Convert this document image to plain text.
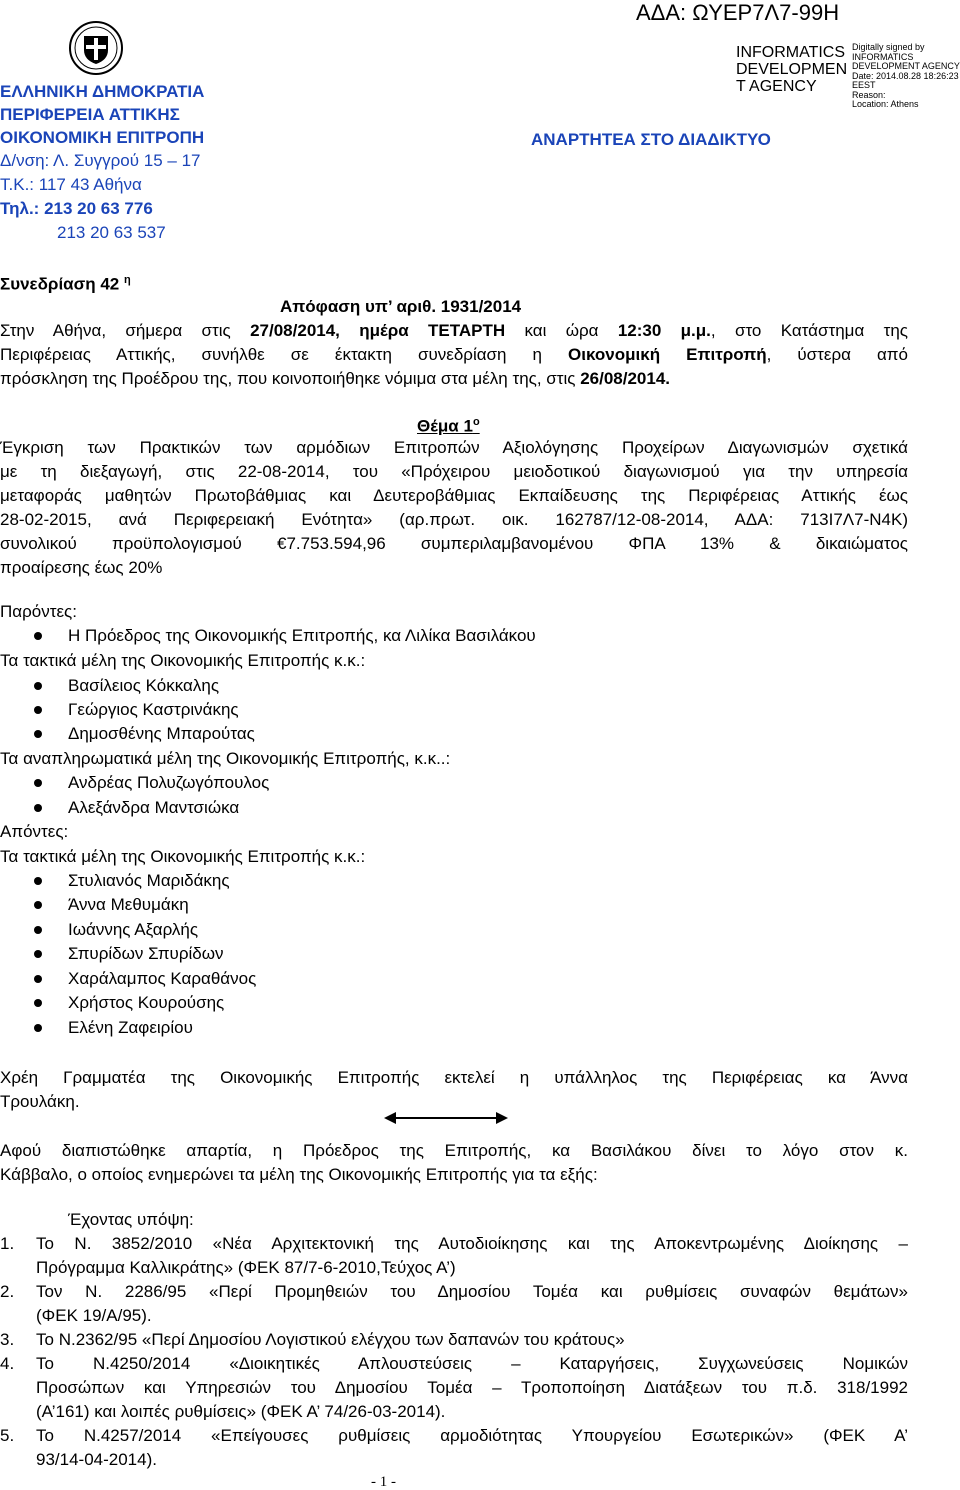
ΑΔΑ: ΩΥΕΡ7Λ7-99Η
ΕΛΛΗΝΙΚΗ ΔΗΜΟΚΡΑΤΙΑ
ΠΕΡΙΦΕΡΕΙΑ ΑΤΤΙΚΗΣ
ΟΙΚΟΝΟΜΙΚΗ ΕΠΙΤΡΟΠΗ
Δ/νση: Λ. Συγγρού 15 – 17
Τ.Κ.: 117 43 Αθήνα
Τηλ.: 213 20 63 776
213 20 63 537
INFORMATICS
DEVELOPMEN
T AGENCY
Digitally signed by
INFORMATICS
DEVELOPMENT AGENCY
Date: 2014.08.28 18:26:23
EEST
Reason:
Location: Athens
ΑΝΑΡΤΗΤΕΑ ΣΤΟ ΔΙΑΔΙΚΤΥΟ
Συνεδρίαση 42 $^\eta$
Απόφαση υπ’ αριθ. 1931/2014
Στην Αθήνα, σήμερα στις 27/08/2014, ημέρα ΤΕΤΑΡΤΗ και ώρα 12:30 μ.μ., στο Κατάστημα της
Περιφέρειας Αττικής, συνήλθε σε έκτακτη συνεδρίαση η Οικονομική Επιτροπή, ύστερα από
πρόσκληση της Προέδρου της, που κοινοποιήθηκε νόμιμα στα μέλη της, στις 26/08/2014.
Θέμα $1^o$
Έγκριση των Πρακτικών των αρμόδιων Επιτροπών Αξιολόγησης Προχείρων Διαγωνισμών σχετικά
με τη διεξαγωγή, στις 22-08-2014, του «Πρόχειρου μειοδοτικού διαγωνισμού για την υπηρεσία
μεταφοράς μαθητών Πρωτοβάθμιας και Δευτεροβάθμιας Εκπαίδευσης της Περιφέρειας Αττικής έως
28-02-2015, ανά Περιφερειακή Ενότητα» (αρ.πρωτ. οικ. 162787/12-08-2014, ΑΔΑ: 713Ι7Λ7-Ν4Κ)
συνολικού προϋπολογισμού €7.753.594,96 συμπεριλαμβανομένου ΦΠΑ 13% & δικαιώματος
προαίρεσης έως 20%
Παρόντες:
Η Πρόεδρος της Οικονομικής Επιτροπής, κα Λιλίκα Βασιλάκου
Τα τακτικά μέλη της Οικονομικής Επιτροπής κ.κ.:
Βασίλειος Κόκκαλης
Γεώργιος Καστρινάκης
Δημοσθένης Μπαρούτας
Τα αναπληρωματικά μέλη της Οικονομικής Επιτροπής, κ.κ..:
Ανδρέας Πολυζωγόπουλος
Αλεξάνδρα Μαντσιώκα
Απόντες:
Τα τακτικά μέλη της Οικονομικής Επιτροπής κ.κ.:
Στυλιανός Μαριδάκης
Άννα Μεθυμάκη
Ιωάννης Αξαρλής
Σπυρίδων Σπυρίδων
Χαράλαμπος Καραθάνος
Χρήστος Κουρούσης
Ελένη Ζαφειρίου
Χρέη Γραμματέα της Οικονομικής Επιτροπής εκτελεί η υπάλληλος της Περιφέρειας κα Άννα
Τρουλάκη.
Αφού διαπιστώθηκε απαρτία, η Πρόεδρος της Επιτροπής, κα Βασιλάκου δίνει το λόγο στον κ.
Κάββαλο, ο οποίος ενημερώνει τα μέλη της Οικονομικής Επιτροπής για τα εξής:
Έχοντας υπόψη:
1. Το Ν. 3852/2010 «Νέα Αρχιτεκτονική της Αυτοδιοίκησης και της Αποκεντρωμένης Διοίκησης –
Πρόγραμμα Καλλικράτης» (ΦΕΚ 87/7-6-2010,Τεύχος Α’)
2. Τον Ν. 2286/95 «Περί Προμηθειών του Δημοσίου Τομέα και ρυθμίσεις συναφών θεμάτων»
(ΦΕΚ 19/Α/95).
3. Το Ν.2362/95 «Περί Δημοσίου Λογιστικού ελέγχου των δαπανών του κράτους»
4. Το Ν.4250/2014 «Διοικητικές Απλουστεύσεις – Καταργήσεις, Συγχωνεύσεις Νομικών
Προσώπων και Υπηρεσιών του Δημοσίου Τομέα – Τροποποίηση Διατάξεων του π.δ. 318/1992
(Α’161) και λοιπές ρυθμίσεις» (ΦΕΚ Α’ 74/26-03-2014).
5. Το Ν.4257/2014 «Επείγουσες ρυθμίσεις αρμοδιότητας Υπουργείου Εσωτερικών» (ΦΕΚ Α’
93/14-04-2014).
- 1 -
